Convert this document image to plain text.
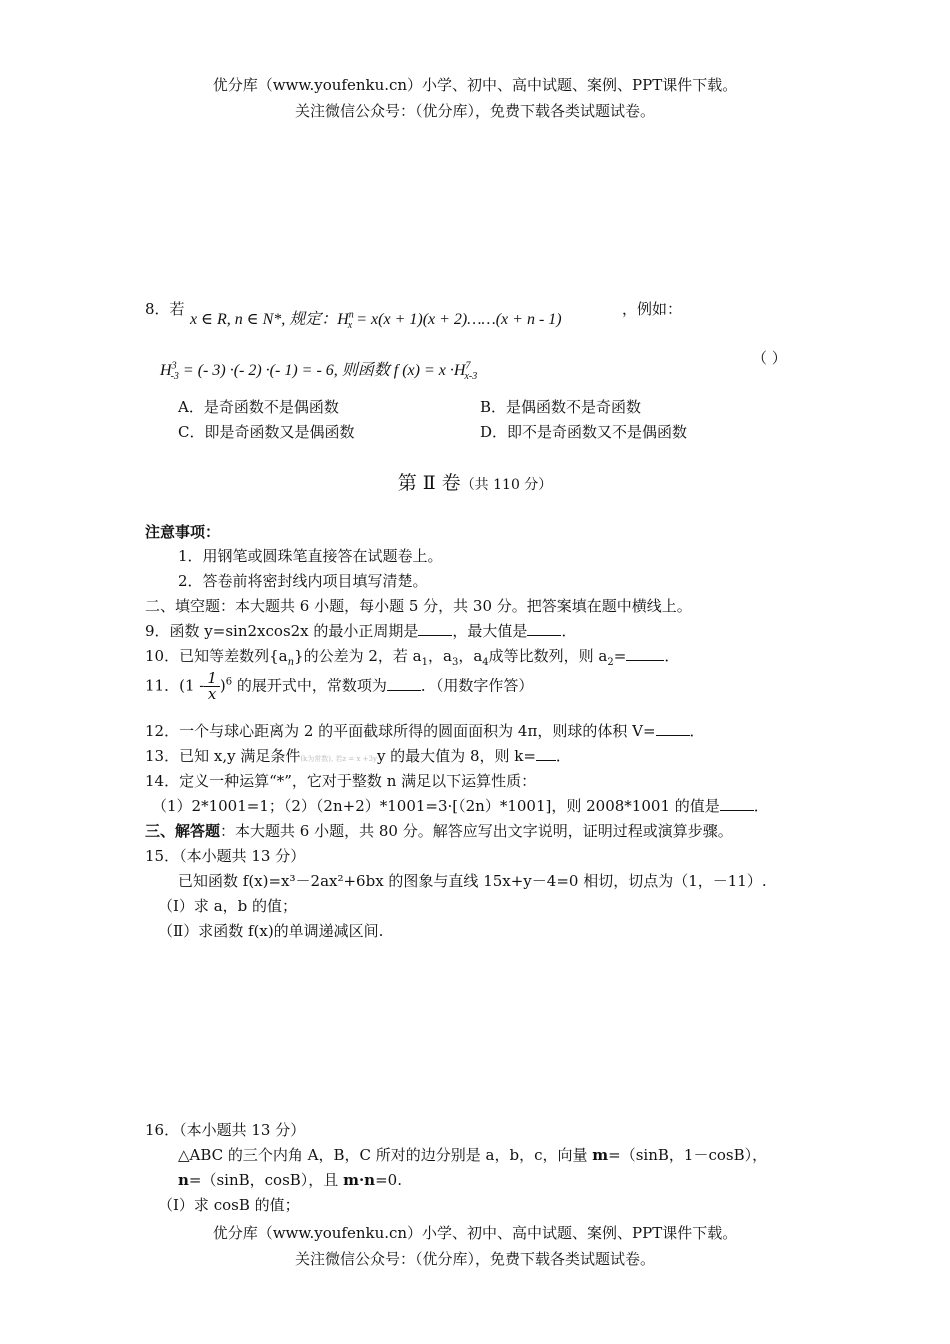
优分库（www.youfenku.cn）小学、初中、高中试题、案例、PPT课件下载。
关注微信公众号：（优分库），免费下载各类试题试卷。
8．若
x ∈ R, n ∈ N*, 规定：$H^n_x = x(x + 1)(x$ + 2)……(x + n - 1)
，例如：
$H^3_{-3}$ = (- 3) ·(- 2) ·(- 1) = - 6, 则函数 f $(x) = x \cdot H^7_{x-3}$
（ ）
A．是奇函数不是偶函数	B．是偶函数不是奇函数
C．即是奇函数又是偶函数	D．即不是奇函数又不是偶函数
第 Ⅱ 卷（共 110 分）
注意事项：
1．用钢笔或圆珠笔直接答在试题卷上。
2．答卷前将密封线内项目填写清楚。
二、填空题：本大题共 6 小题，每小题 5 分，共 30 分。把答案填在题中横线上。
9．函数 y=sin2xcos2x 的最小正周期是 ，最大值是 ．
10．已知等差数列$\{a_n\}$的公差为 2，若 $a_1$，$a_3$，$a_4$成等比数列，则 $a_2=$	．
11．$(1 - \frac{1}{x} )^6$ 的展开式中，常数项为 ．（用数字作答）
12．一个与球心距离为 2 的平面截球所得的圆面面积为 4π，则球的体积 V= ．
13．已知 x,y 满足条件(k为常数), 若z = x +3yy 的最大值为 8，则 k= ．
14．定义一种运算“*”，它对于整数 n 满足以下运算性质：
（1）2*1001=1；（2）（2n+2）*1001=3·[（2n）*1001]，则 2008*1001 的值是 ．
三、解答题：本大题共 6 小题，共 80 分。解答应写出文字说明，证明过程或演算步骤。
15．（本小题共 13 分）
已知函数 f(x)=x³－2ax²+6bx 的图象与直线 15x+y－4=0 相切，切点为（1，－11）.
（Ⅰ）求 a，b 的值；
（Ⅱ）求函数 f(x)的单调递减区间.
16．（本小题共 13 分）
△ABC 的三个内角 A，B，C 所对的边分别是 a，b，c，向量 m=（sinB，1－cosB），
n=（sinB，cosB），且 m·n=0.
（Ⅰ）求 cosB 的值；
优分库（www.youfenku.cn）小学、初中、高中试题、案例、PPT课件下载。
关注微信公众号：（优分库），免费下载各类试题试卷。
